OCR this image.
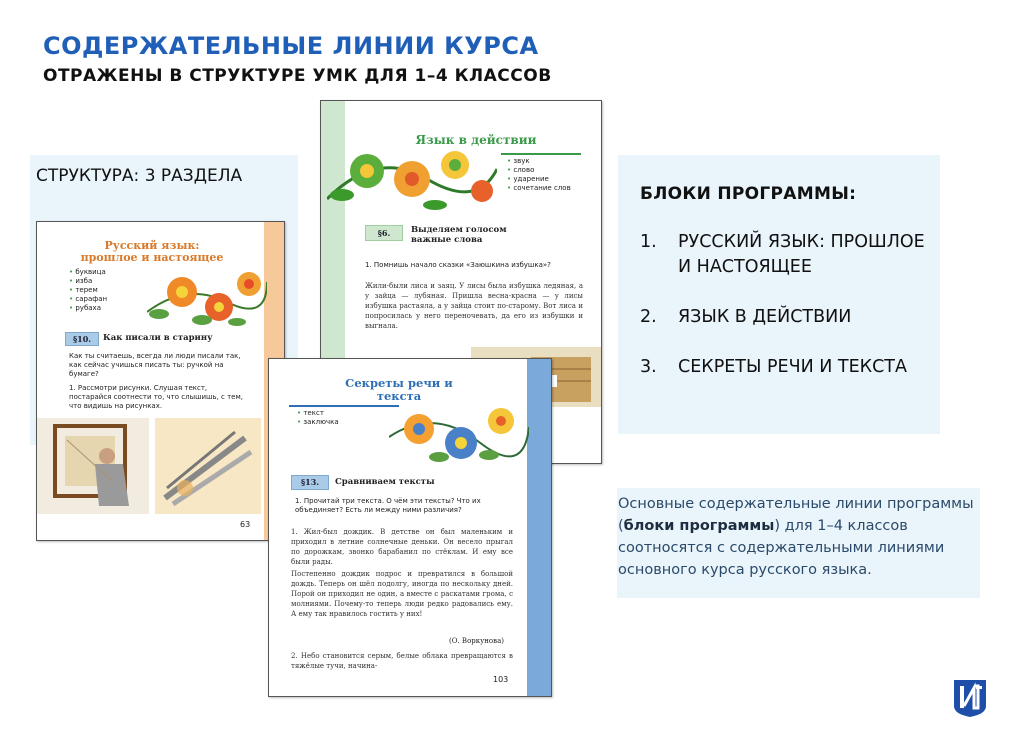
СОДЕРЖАТЕЛЬНЫЕ ЛИНИИ КУРСА
ОТРАЖЕНЫ В СТРУКТУРЕ УМК ДЛЯ 1–4 КЛАССОВ
СТРУКТУРА: 3 РАЗДЕЛА
Русский язык: прошлое и настоящее
• буквица
• изба
• терем
• сарафан
• рубаха
§10.	Как писали в старину
Как ты считаешь, всегда ли люди писали так, как сейчас учишься писать ты: ручкой на бумаге?
1. Рассмотри рисунки. Слушая текст, постарайся соотнести то, что слышишь, с тем, что видишь на рисунках.
63
Язык в действии
• звук
• слово
• ударение
• сочетание слов
§6.	Выделяем голосом важные слова
1. Помнишь начало сказки «Заюшкина избушка»?
Жили-были лиса и заяц. У лисы была избушка ледяная, а у зайца — лубяная. Пришла весна-красна — у лисы избушка растаяла, а у зайца стоит по-старому. Вот лиса и попросилась у него переночевать, да его из избушки и выгнала.
Секреты речи и текста
• текст
• заключка
§13.	Сравниваем тексты
1. Прочитай три текста. О чём эти тексты? Что их объединяет? Есть ли между ними различия?
1. Жил-был дождик. В детстве он был маленьким и приходил в летние солнечные деньки. Он весело прыгал по дорожкам, звонко барабанил по стёклам. И ему все были рады.
Постепенно дождик подрос и превратился в большой дождь. Теперь он шёл подолгу, иногда по нескольку дней. Порой он приходил не один, а вместе с раскатами грома, с молниями. Почему-то теперь люди редко радовались ему. А ему так нравилось гостить у них!
(О. Воркунова)
2. Небо становится серым, белые облака превращаются в тяжёлые тучи, начина-
103
БЛОКИ ПРОГРАММЫ:
1.	РУССКИЙ ЯЗЫК: ПРОШЛОЕ И НАСТОЯЩЕЕ
2.	ЯЗЫК В ДЕЙСТВИИ
3.	СЕКРЕТЫ РЕЧИ И ТЕКСТА
Основные содержательные линии программы (блоки программы) для 1–4 классов соотносятся с содержательными линиями основного курса русского языка.
